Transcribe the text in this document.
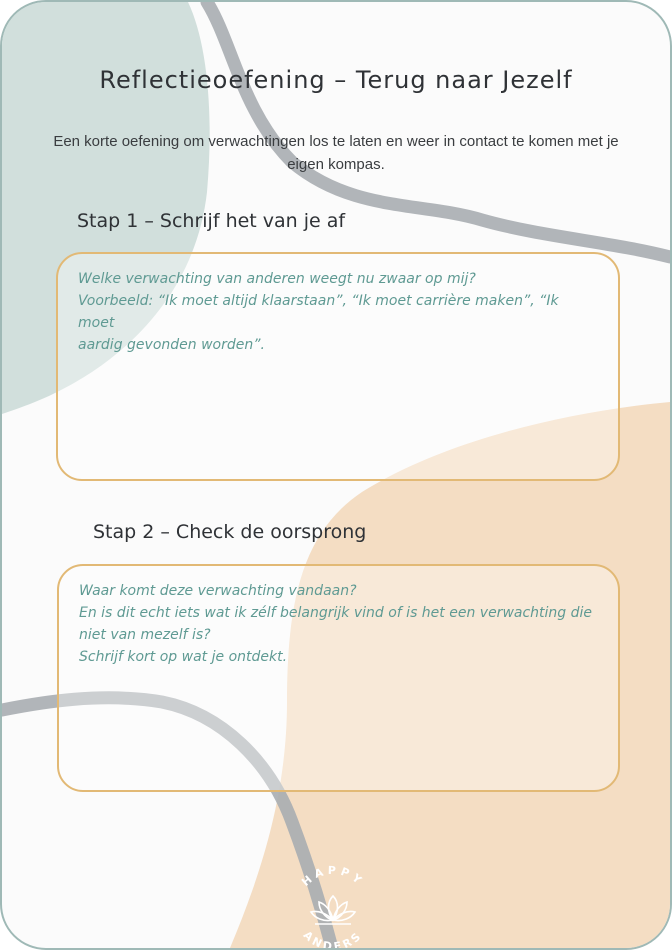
Reflectieoefening – Terug naar Jezelf
Een korte oefening om verwachtingen los te laten en weer in contact te komen met je eigen kompas.
Stap 1 – Schrijf het van je af

Welke verwachting van anderen weegt nu zwaar op mij?

Voorbeeld: “Ik moet altijd klaarstaan”, “Ik moet carrière maken”, “Ik moet

aardig gevonden worden”.

Stap 2 – Check de oorsprong

Waar komt deze verwachting vandaan?

En is dit echt iets wat ik zélf belangrijk vind of is het een verwachting die

niet van mezelf is?

Schrijf kort op wat je ontdekt.

HAPPY
ANDERS
